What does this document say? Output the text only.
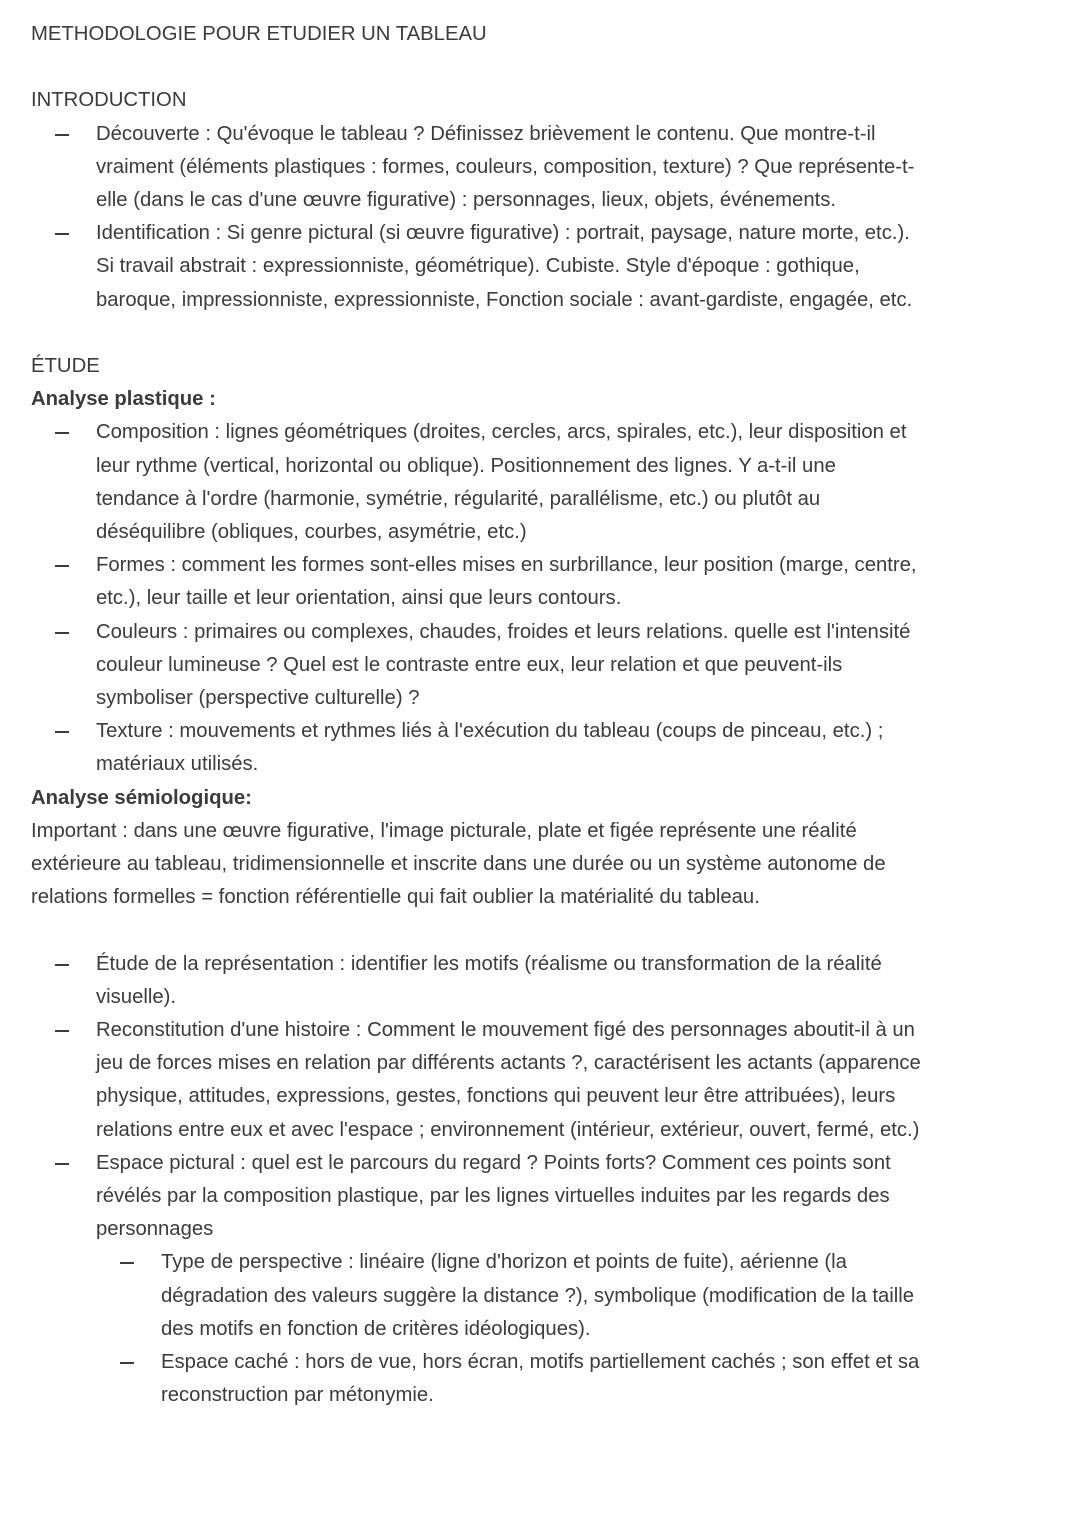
METHODOLOGIE POUR ETUDIER UN TABLEAU
INTRODUCTION
Découverte : Qu'évoque le tableau ? Définissez brièvement le contenu. Que montre-t-il
vraiment (éléments plastiques : formes, couleurs, composition, texture) ? Que représente-t-
elle (dans le cas d'une œuvre figurative) : personnages, lieux, objets, événements.
Identification : Si genre pictural (si œuvre figurative) : portrait, paysage, nature morte, etc.).
Si travail abstrait : expressionniste, géométrique). Cubiste. Style d'époque : gothique,
baroque, impressionniste, expressionniste, Fonction sociale : avant-gardiste, engagée, etc.
ÉTUDE
Analyse plastique :
Composition : lignes géométriques (droites, cercles, arcs, spirales, etc.), leur disposition et
leur rythme (vertical, horizontal ou oblique). Positionnement des lignes. Y a-t-il une
tendance à l'ordre (harmonie, symétrie, régularité, parallélisme, etc.) ou plutôt au
déséquilibre (obliques, courbes, asymétrie, etc.)
Formes : comment les formes sont-elles mises en surbrillance, leur position (marge, centre,
etc.), leur taille et leur orientation, ainsi que leurs contours.
Couleurs : primaires ou complexes, chaudes, froides et leurs relations. quelle est l'intensité
couleur lumineuse ? Quel est le contraste entre eux, leur relation et que peuvent-ils
symboliser (perspective culturelle) ?
Texture : mouvements et rythmes liés à l'exécution du tableau (coups de pinceau, etc.) ;
matériaux utilisés.
Analyse sémiologique:

Important : dans une œuvre figurative, l'image picturale, plate et figée représente une réalité
extérieure au tableau, tridimensionnelle et inscrite dans une durée ou un système autonome de
relations formelles = fonction référentielle qui fait oublier la matérialité du tableau.

Étude de la représentation : identifier les motifs (réalisme ou transformation de la réalité
visuelle).
Reconstitution d'une histoire : Comment le mouvement figé des personnages aboutit-il à un
jeu de forces mises en relation par différents actants ?, caractérisent les actants (apparence
physique, attitudes, expressions, gestes, fonctions qui peuvent leur être attribuées), leurs
relations entre eux et avec l'espace ; environnement (intérieur, extérieur, ouvert, fermé, etc.)
Espace pictural : quel est le parcours du regard ? Points forts? Comment ces points sont
révélés par la composition plastique, par les lignes virtuelles induites par les regards des
personnages
Type de perspective : linéaire (ligne d'horizon et points de fuite), aérienne (la
dégradation des valeurs suggère la distance ?), symbolique (modification de la taille
des motifs en fonction de critères idéologiques).
Espace caché : hors de vue, hors écran, motifs partiellement cachés ; son effet et sa
reconstruction par métonymie.
